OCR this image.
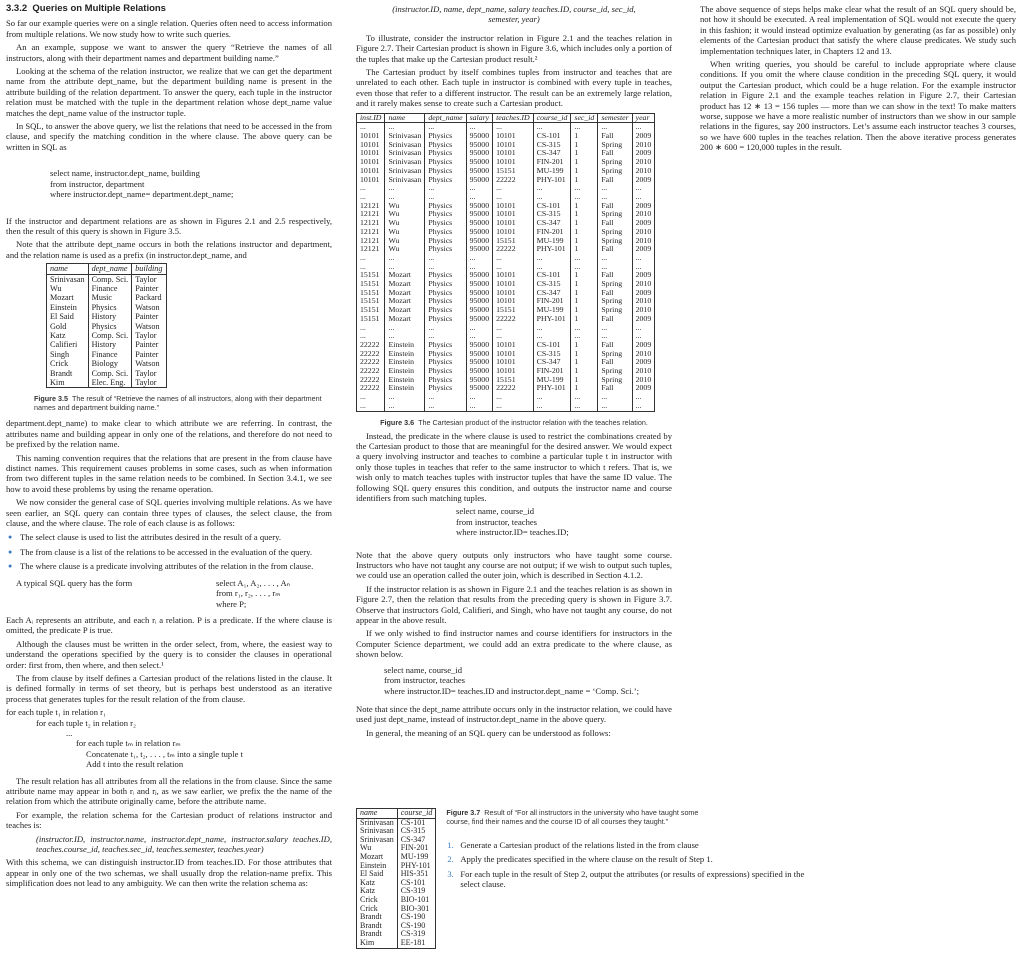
3.3.2 Queries on Multiple Relations

So far our example queries were on a single relation. Queries often need to access information from multiple relations. We now study how to write such queries.

An an example, suppose we want to answer the query “Retrieve the names of all instructors, along with their department names and department building name.”

Looking at the schema of the relation instructor, we realize that we can get the department name from the attribute dept_name, but the department building name is present in the attribute building of the relation department. To answer the query, each tuple in the instructor relation must be matched with the tuple in the department relation whose dept_name value matches the dept_name value of the instructor tuple.

In SQL, to answer the above query, we list the relations that need to be accessed in the from clause, and specify the matching condition in the where clause. The above query can be written in SQL as

select name, instructor.dept_name, building
from instructor, department
where instructor.dept_name= department.dept_name;

If the instructor and department relations are as shown in Figures 2.1 and 2.5 respectively, then the result of this query is shown in Figure 3.5.

Note that the attribute dept_name occurs in both the relations instructor and department, and the relation name is used as a prefix (in instructor.dept_name, and

name	dept_name	building
Srinivasan	Comp. Sci.	Taylor
Wu	Finance	Painter
Mozart	Music	Packard
Einstein	Physics	Watson
El Said	History	Painter
Gold	Physics	Watson
Katz	Comp. Sci.	Taylor
Califieri	History	Painter
Singh	Finance	Painter
Crick	Biology	Watson
Brandt	Comp. Sci.	Taylor
Kim	Elec. Eng.	Taylor
Figure 3.5 The result of “Retrieve the names of all instructors, along with their department names and department building name.”

department.dept_name) to make clear to which attribute we are referring. In contrast, the attributes name and building appear in only one of the relations, and therefore do not need to be prefixed by the relation name.

This naming convention requires that the relations that are present in the from clause have distinct names. This requirement causes problems in some cases, such as when information from two different tuples in the same relation needs to be combined. In Section 3.4.1, we see how to avoid these problems by using the rename operation.

We now consider the general case of SQL queries involving multiple relations. As we have seen earlier, an SQL query can contain three types of clauses, the select clause, the from clause, and the where clause. The role of each clause is as follows:

● The select clause is used to list the attributes desired in the result of a query.
● The from clause is a list of the relations to be accessed in the evaluation of the query.
● The where clause is a predicate involving attributes of the relation in the from clause.
A typical SQL query has the form	select A₁, A₂, . . . , Aₙ
from r₁, r₂, . . . , rₘ
where P;

Each Aᵢ represents an attribute, and each rᵢ a relation. P is a predicate. If the where clause is omitted, the predicate P is true.

Although the clauses must be written in the order select, from, where, the easiest way to understand the operations specified by the query is to consider the clauses in operational order: first from, then where, and then select.¹

The from clause by itself defines a Cartesian product of the relations listed in the clause. It is defined formally in terms of set theory, but is perhaps best understood as an iterative process that generates tuples for the result relation of the from clause.

for each tuple t₁ in relation r₁
for each tuple t₂ in relation r₂
...
for each tuple tₘ in relation rₘ
Concatenate t₁, t₂, . . . , tₘ into a single tuple t
Add t into the result relation

The result relation has all attributes from all the relations in the from clause. Since the same attribute name may appear in both rᵢ and rⱼ, as we saw earlier, we prefix the the name of the relation from which the attribute originally came, before the attribute name.

For example, the relation schema for the Cartesian product of relations instructor and teaches is:

(instructor.ID, instructor.name, instructor.dept_name, instructor.salary teaches.ID, teaches.course_id, teaches.sec_id, teaches.semester, teaches.year)

With this schema, we can distinguish instructor.ID from teaches.ID. For those attributes that appear in only one of the two schemas, we shall usually drop the relation-name prefix. This simplification does not lead to any ambiguity. We can then write the relation schema as:

(instructor.ID, name, dept_name, salary teaches.ID, course_id, sec_id, semester, year)

To illustrate, consider the instructor relation in Figure 2.1 and the teaches relation in Figure 2.7. Their Cartesian product is shown in Figure 3.6, which includes only a portion of the tuples that make up the Cartesian product result.²

The Cartesian product by itself combines tuples from instructor and teaches that are unrelated to each other. Each tuple in instructor is combined with every tuple in teaches, even those that refer to a different instructor. The result can be an extremely large relation, and it rarely makes sense to create such a Cartesian product.

inst.ID	name	dept_name	salary	teaches.ID	course_id	sec_id	semester	year
...	...	...	...	...	...	...	...	...
10101	Srinivasan	Physics	95000	10101	CS-101	1	Fall	2009
10101	Srinivasan	Physics	95000	10101	CS-315	1	Spring	2010
10101	Srinivasan	Physics	95000	10101	CS-347	1	Fall	2009
10101	Srinivasan	Physics	95000	10101	FIN-201	1	Spring	2010
10101	Srinivasan	Physics	95000	15151	MU-199	1	Spring	2010
10101	Srinivasan	Physics	95000	22222	PHY-101	1	Fall	2009
...	...	...	...	...	...	...	...	...
...	...	...	...	...	...	...	...	...
12121	Wu	Physics	95000	10101	CS-101	1	Fall	2009
12121	Wu	Physics	95000	10101	CS-315	1	Spring	2010
12121	Wu	Physics	95000	10101	CS-347	1	Fall	2009
12121	Wu	Physics	95000	10101	FIN-201	1	Spring	2010
12121	Wu	Physics	95000	15151	MU-199	1	Spring	2010
12121	Wu	Physics	95000	22222	PHY-101	1	Fall	2009
...	...	...	...	...	...	...	...	...
...	...	...	...	...	...	...	...	...
15151	Mozart	Physics	95000	10101	CS-101	1	Fall	2009
15151	Mozart	Physics	95000	10101	CS-315	1	Spring	2010
15151	Mozart	Physics	95000	10101	CS-347	1	Fall	2009
15151	Mozart	Physics	95000	10101	FIN-201	1	Spring	2010
15151	Mozart	Physics	95000	15151	MU-199	1	Spring	2010
15151	Mozart	Physics	95000	22222	PHY-101	1	Fall	2009
...	...	...	...	...	...	...	...	...
...	...	...	...	...	...	...	...	...
22222	Einstein	Physics	95000	10101	CS-101	1	Fall	2009
22222	Einstein	Physics	95000	10101	CS-315	1	Spring	2010
22222	Einstein	Physics	95000	10101	CS-347	1	Fall	2009
22222	Einstein	Physics	95000	10101	FIN-201	1	Spring	2010
22222	Einstein	Physics	95000	15151	MU-199	1	Spring	2010
22222	Einstein	Physics	95000	22222	PHY-101	1	Fall	2009
...	...	...	...	...	...	...	...	...
...	...	...	...	...	...	...	...	...
Figure 3.6 The Cartesian product of the instructor relation with the teaches relation.

Instead, the predicate in the where clause is used to restrict the combinations created by the Cartesian product to those that are meaningful for the desired answer. We would expect a query involving instructor and teaches to combine a particular tuple t in instructor with only those tuples in teaches that refer to the same instructor to which t refers. That is, we wish only to match teaches tuples with instructor tuples that have the same ID value. The following SQL query ensures this condition, and outputs the instructor name and course identifiers from such matching tuples.

select name, course_id
from instructor, teaches
where instructor.ID= teaches.ID;

Note that the above query outputs only instructors who have taught some course. Instructors who have not taught any course are not output; if we wish to output such tuples, we could use an operation called the outer join, which is described in Section 4.1.2.

If the instructor relation is as shown in Figure 2.1 and the teaches relation is as shown in Figure 2.7, then the relation that results from the preceding query is shown in Figure 3.7. Observe that instructors Gold, Califieri, and Singh, who have not taught any course, do not appear in the above result.

If we only wished to find instructor names and course identifiers for instructors in the Computer Science department, we could add an extra predicate to the where clause, as shown below.

select name, course_id
from instructor, teaches
where instructor.ID= teaches.ID and instructor.dept_name = ‘Comp. Sci.’;

Note that since the dept_name attribute occurs only in the instructor relation, we could have used just dept_name, instead of instructor.dept_name in the above query.

In general, the meaning of an SQL query can be understood as follows:

name	course_id
Srinivasan	CS-101
Srinivasan	CS-315
Srinivasan	CS-347
Wu	FIN-201
Mozart	MU-199
Einstein	PHY-101
El Said	HIS-351
Katz	CS-101
Katz	CS-319
Crick	BIO-101
Crick	BIO-301
Brandt	CS-190
Brandt	CS-190
Brandt	CS-319
Kim	EE-181
Figure 3.7 Result of “For all instructors in the university who have taught some course, find their names and the course ID of all courses they taught.”
1. Generate a Cartesian product of the relations listed in the from clause
2. Apply the predicates specified in the where clause on the result of Step 1.
3. For each tuple in the result of Step 2, output the attributes (or results of expressions) specified in the select clause.

The above sequence of steps helps make clear what the result of an SQL query should be, not how it should be executed. A real implementation of SQL would not execute the query in this fashion; it would instead optimize evaluation by generating (as far as possible) only elements of the Cartesian product that satisfy the where clause predicates. We study such implementation techniques later, in Chapters 12 and 13.

When writing queries, you should be careful to include appropriate where clause conditions. If you omit the where clause condition in the preceding SQL query, it would output the Cartesian product, which could be a huge relation. For the example instructor relation in Figure 2.1 and the example teaches relation in Figure 2.7, their Cartesian product has 12 ∗ 13 = 156 tuples — more than we can show in the text! To make matters worse, suppose we have a more realistic number of instructors than we show in our sample relations in the figures, say 200 instructors. Let’s assume each instructor teaches 3 courses, so we have 600 tuples in the teaches relation. Then the above iterative process generates 200 ∗ 600 = 120,000 tuples in the result.
